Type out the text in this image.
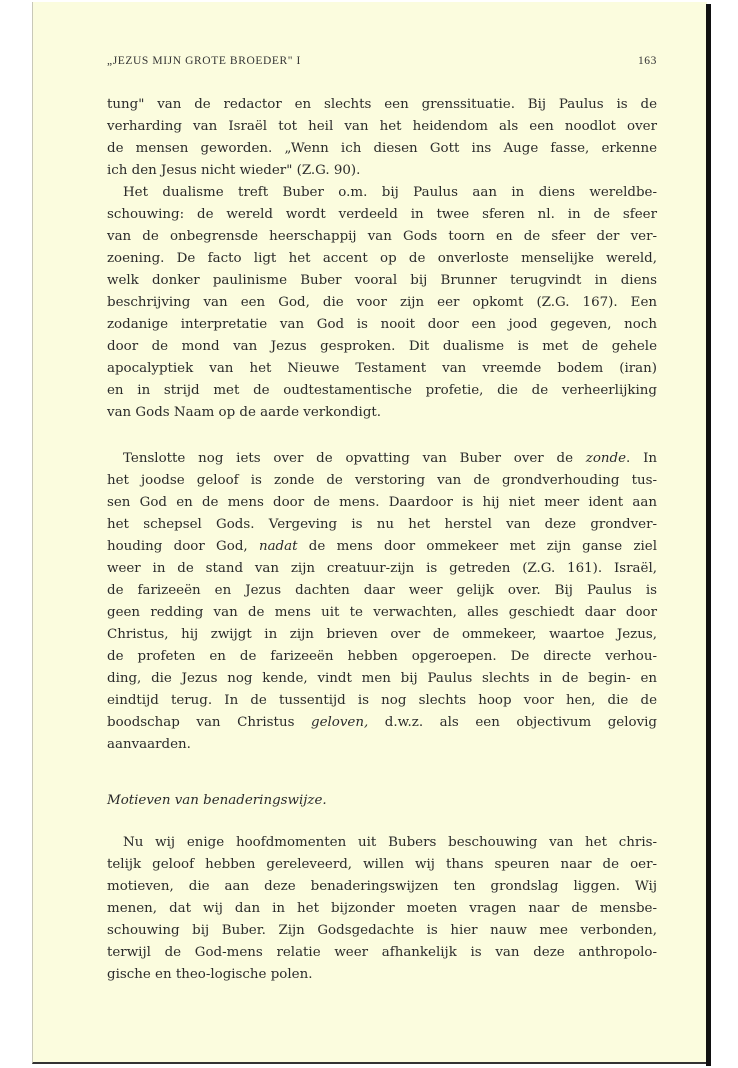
„JEZUS MIJN GROTE BROEDER" I	163
tung" van de redactor en slechts een grenssituatie. Bij Paulus is de
verharding van Israël tot heil van het heidendom als een noodlot over
de mensen geworden. „Wenn ich diesen Gott ins Auge fasse, erkenne
ich den Jesus nicht wieder" (Z.G. 90).
Het dualisme treft Buber o.m. bij Paulus aan in diens wereldbe-
schouwing: de wereld wordt verdeeld in twee sferen nl. in de sfeer
van de onbegrensde heerschappij van Gods toorn en de sfeer der ver-
zoening. De facto ligt het accent op de onverloste menselijke wereld,
welk donker paulinisme Buber vooral bij Brunner terugvindt in diens
beschrijving van een God, die voor zijn eer opkomt (Z.G. 167). Een
zodanige interpretatie van God is nooit door een jood gegeven, noch
door de mond van Jezus gesproken. Dit dualisme is met de gehele
apocalyptiek van het Nieuwe Testament van vreemde bodem (iran)
en in strijd met de oudtestamentische profetie, die de verheerlijking
van Gods Naam op de aarde verkondigt.
Tenslotte nog iets over de opvatting van Buber over de zonde. In
het joodse geloof is zonde de verstoring van de grondverhouding tus-
sen God en de mens door de mens. Daardoor is hij niet meer ident aan
het schepsel Gods. Vergeving is nu het herstel van deze grondver-
houding door God, nadat de mens door ommekeer met zijn ganse ziel
weer in de stand van zijn creatuur-zijn is getreden (Z.G. 161). Israël,
de farizeeën en Jezus dachten daar weer gelijk over. Bij Paulus is
geen redding van de mens uit te verwachten, alles geschiedt daar door
Christus, hij zwijgt in zijn brieven over de ommekeer, waartoe Jezus,
de profeten en de farizeeën hebben opgeroepen. De directe verhou-
ding, die Jezus nog kende, vindt men bij Paulus slechts in de begin- en
eindtijd terug. In de tussentijd is nog slechts hoop voor hen, die de
boodschap van Christus geloven, d.w.z. als een objectivum gelovig
aanvaarden.
Motieven van benaderingswijze.
Nu wij enige hoofdmomenten uit Bubers beschouwing van het chris-
telijk geloof hebben gereleveerd, willen wij thans speuren naar de oer-
motieven, die aan deze benaderingswijzen ten grondslag liggen. Wij
menen, dat wij dan in het bijzonder moeten vragen naar de mensbe-
schouwing bij Buber. Zijn Godsgedachte is hier nauw mee verbonden,
terwijl de God-mens relatie weer afhankelijk is van deze anthropolo-
gische en theo-logische polen.
